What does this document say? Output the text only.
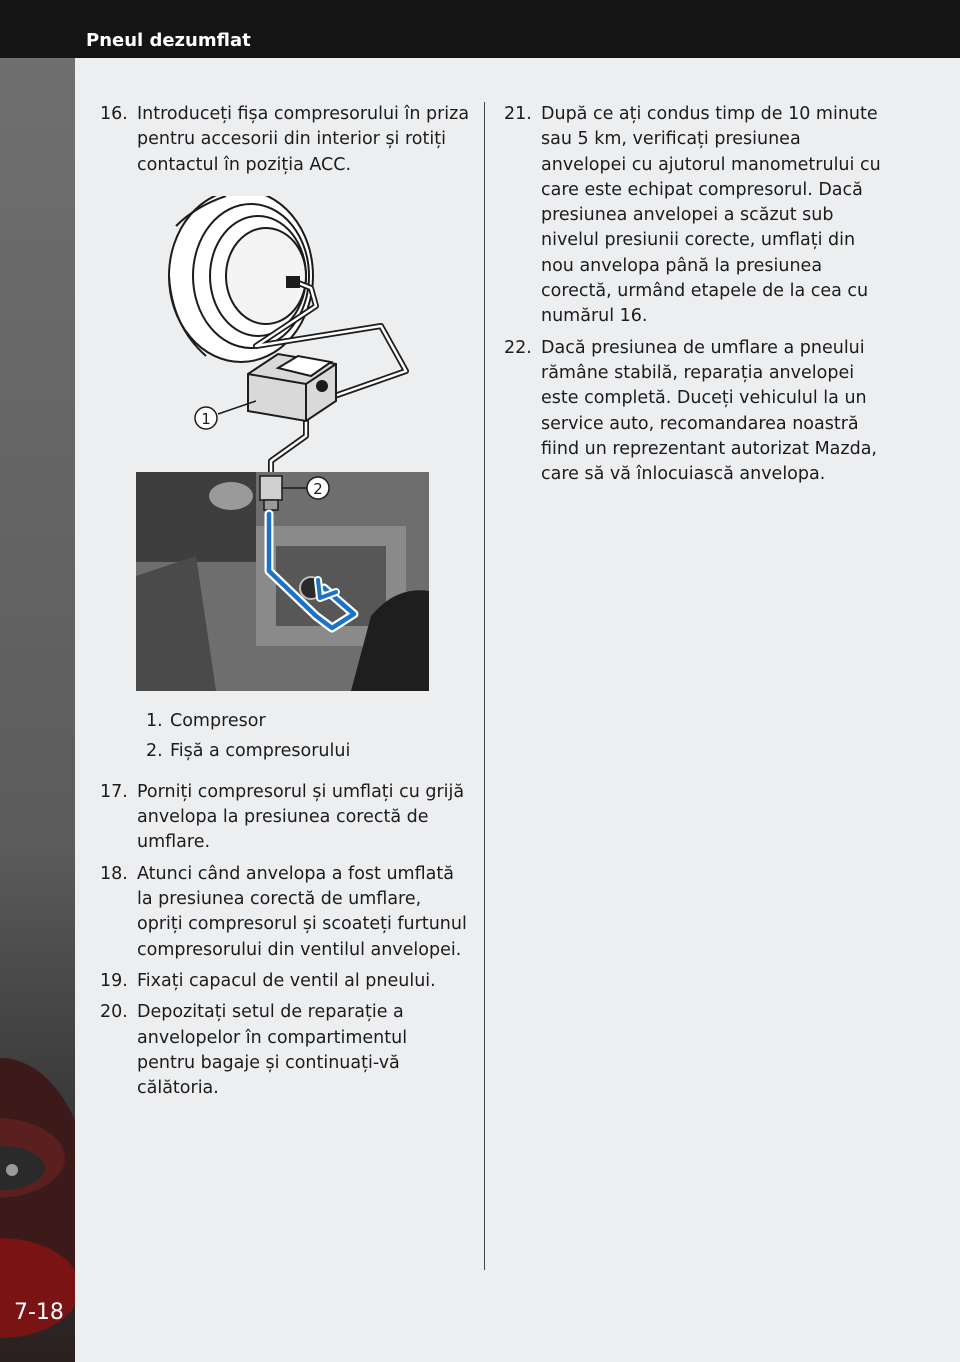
Pneul dezumflat
7-18
16. Introduceți fișa compresorului în priza pentru accesorii din interior și rotiți contactul în poziția ACC.
1
2
1. Compresor
2. Fișă a compresorului
17. Porniți compresorul și umflați cu grijă anvelopa la presiunea corectă de umflare.
18. Atunci când anvelopa a fost umflată la presiunea corectă de umflare, opriți compresorul și scoateți furtunul compresorului din ventilul anvelopei.
19. Fixați capacul de ventil al pneului.
20. Depozitați setul de reparație a anvelopelor în compartimentul pentru bagaje și continuați-vă călătoria.
21. După ce ați condus timp de 10 minute sau 5 km, verificați presiunea anvelopei cu ajutorul manometrului cu care este echipat compresorul. Dacă presiunea anvelopei a scăzut sub nivelul presiunii corecte, umflați din nou anvelopa până la presiunea corectă, urmând etapele de la cea cu numărul 16.
22. Dacă presiunea de umflare a pneului rămâne stabilă, reparația anvelopei este completă. Duceți vehiculul la un service auto, recomandarea noastră fiind un reprezentant autorizat Mazda, care să vă înlocuiască anvelopa.
